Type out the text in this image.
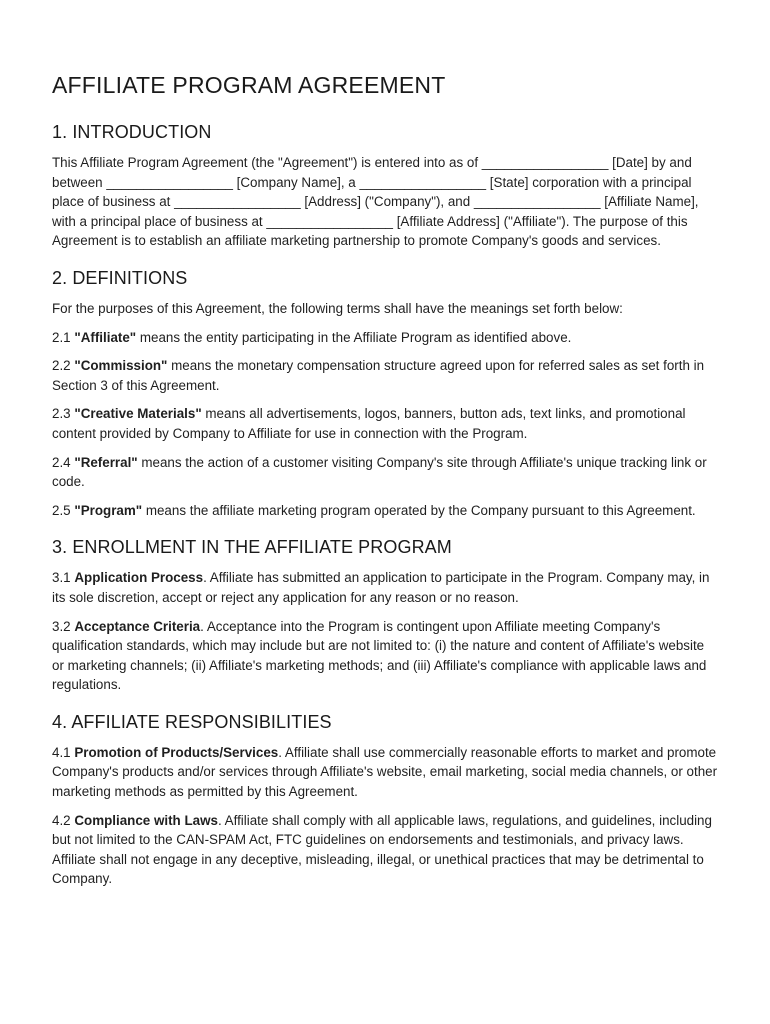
AFFILIATE PROGRAM AGREEMENT
1. INTRODUCTION

This Affiliate Program Agreement (the "Agreement") is entered into as of _________________ [Date] by and between _________________ [Company Name], a _________________ [State] corporation with a principal place of business at _________________ [Address] ("Company"), and _________________ [Affiliate Name], with a principal place of business at _________________ [Affiliate Address] ("Affiliate"). The purpose of this Agreement is to establish an affiliate marketing partnership to promote Company's goods and services.

2. DEFINITIONS

For the purposes of this Agreement, the following terms shall have the meanings set forth below:

2.1 "Affiliate" means the entity participating in the Affiliate Program as identified above.

2.2 "Commission" means the monetary compensation structure agreed upon for referred sales as set forth in Section 3 of this Agreement.

2.3 "Creative Materials" means all advertisements, logos, banners, button ads, text links, and promotional content provided by Company to Affiliate for use in connection with the Program.

2.4 "Referral" means the action of a customer visiting Company's site through Affiliate's unique tracking link or code.

2.5 "Program" means the affiliate marketing program operated by the Company pursuant to this Agreement.

3. ENROLLMENT IN THE AFFILIATE PROGRAM

3.1 Application Process. Affiliate has submitted an application to participate in the Program. Company may, in its sole discretion, accept or reject any application for any reason or no reason.

3.2 Acceptance Criteria. Acceptance into the Program is contingent upon Affiliate meeting Company's qualification standards, which may include but are not limited to: (i) the nature and content of Affiliate's website or marketing channels; (ii) Affiliate's marketing methods; and (iii) Affiliate's compliance with applicable laws and regulations.

4. AFFILIATE RESPONSIBILITIES

4.1 Promotion of Products/Services. Affiliate shall use commercially reasonable efforts to market and promote Company's products and/or services through Affiliate's website, email marketing, social media channels, or other marketing methods as permitted by this Agreement.

4.2 Compliance with Laws. Affiliate shall comply with all applicable laws, regulations, and guidelines, including but not limited to the CAN-SPAM Act, FTC guidelines on endorsements and testimonials, and privacy laws. Affiliate shall not engage in any deceptive, misleading, illegal, or unethical practices that may be detrimental to Company.
